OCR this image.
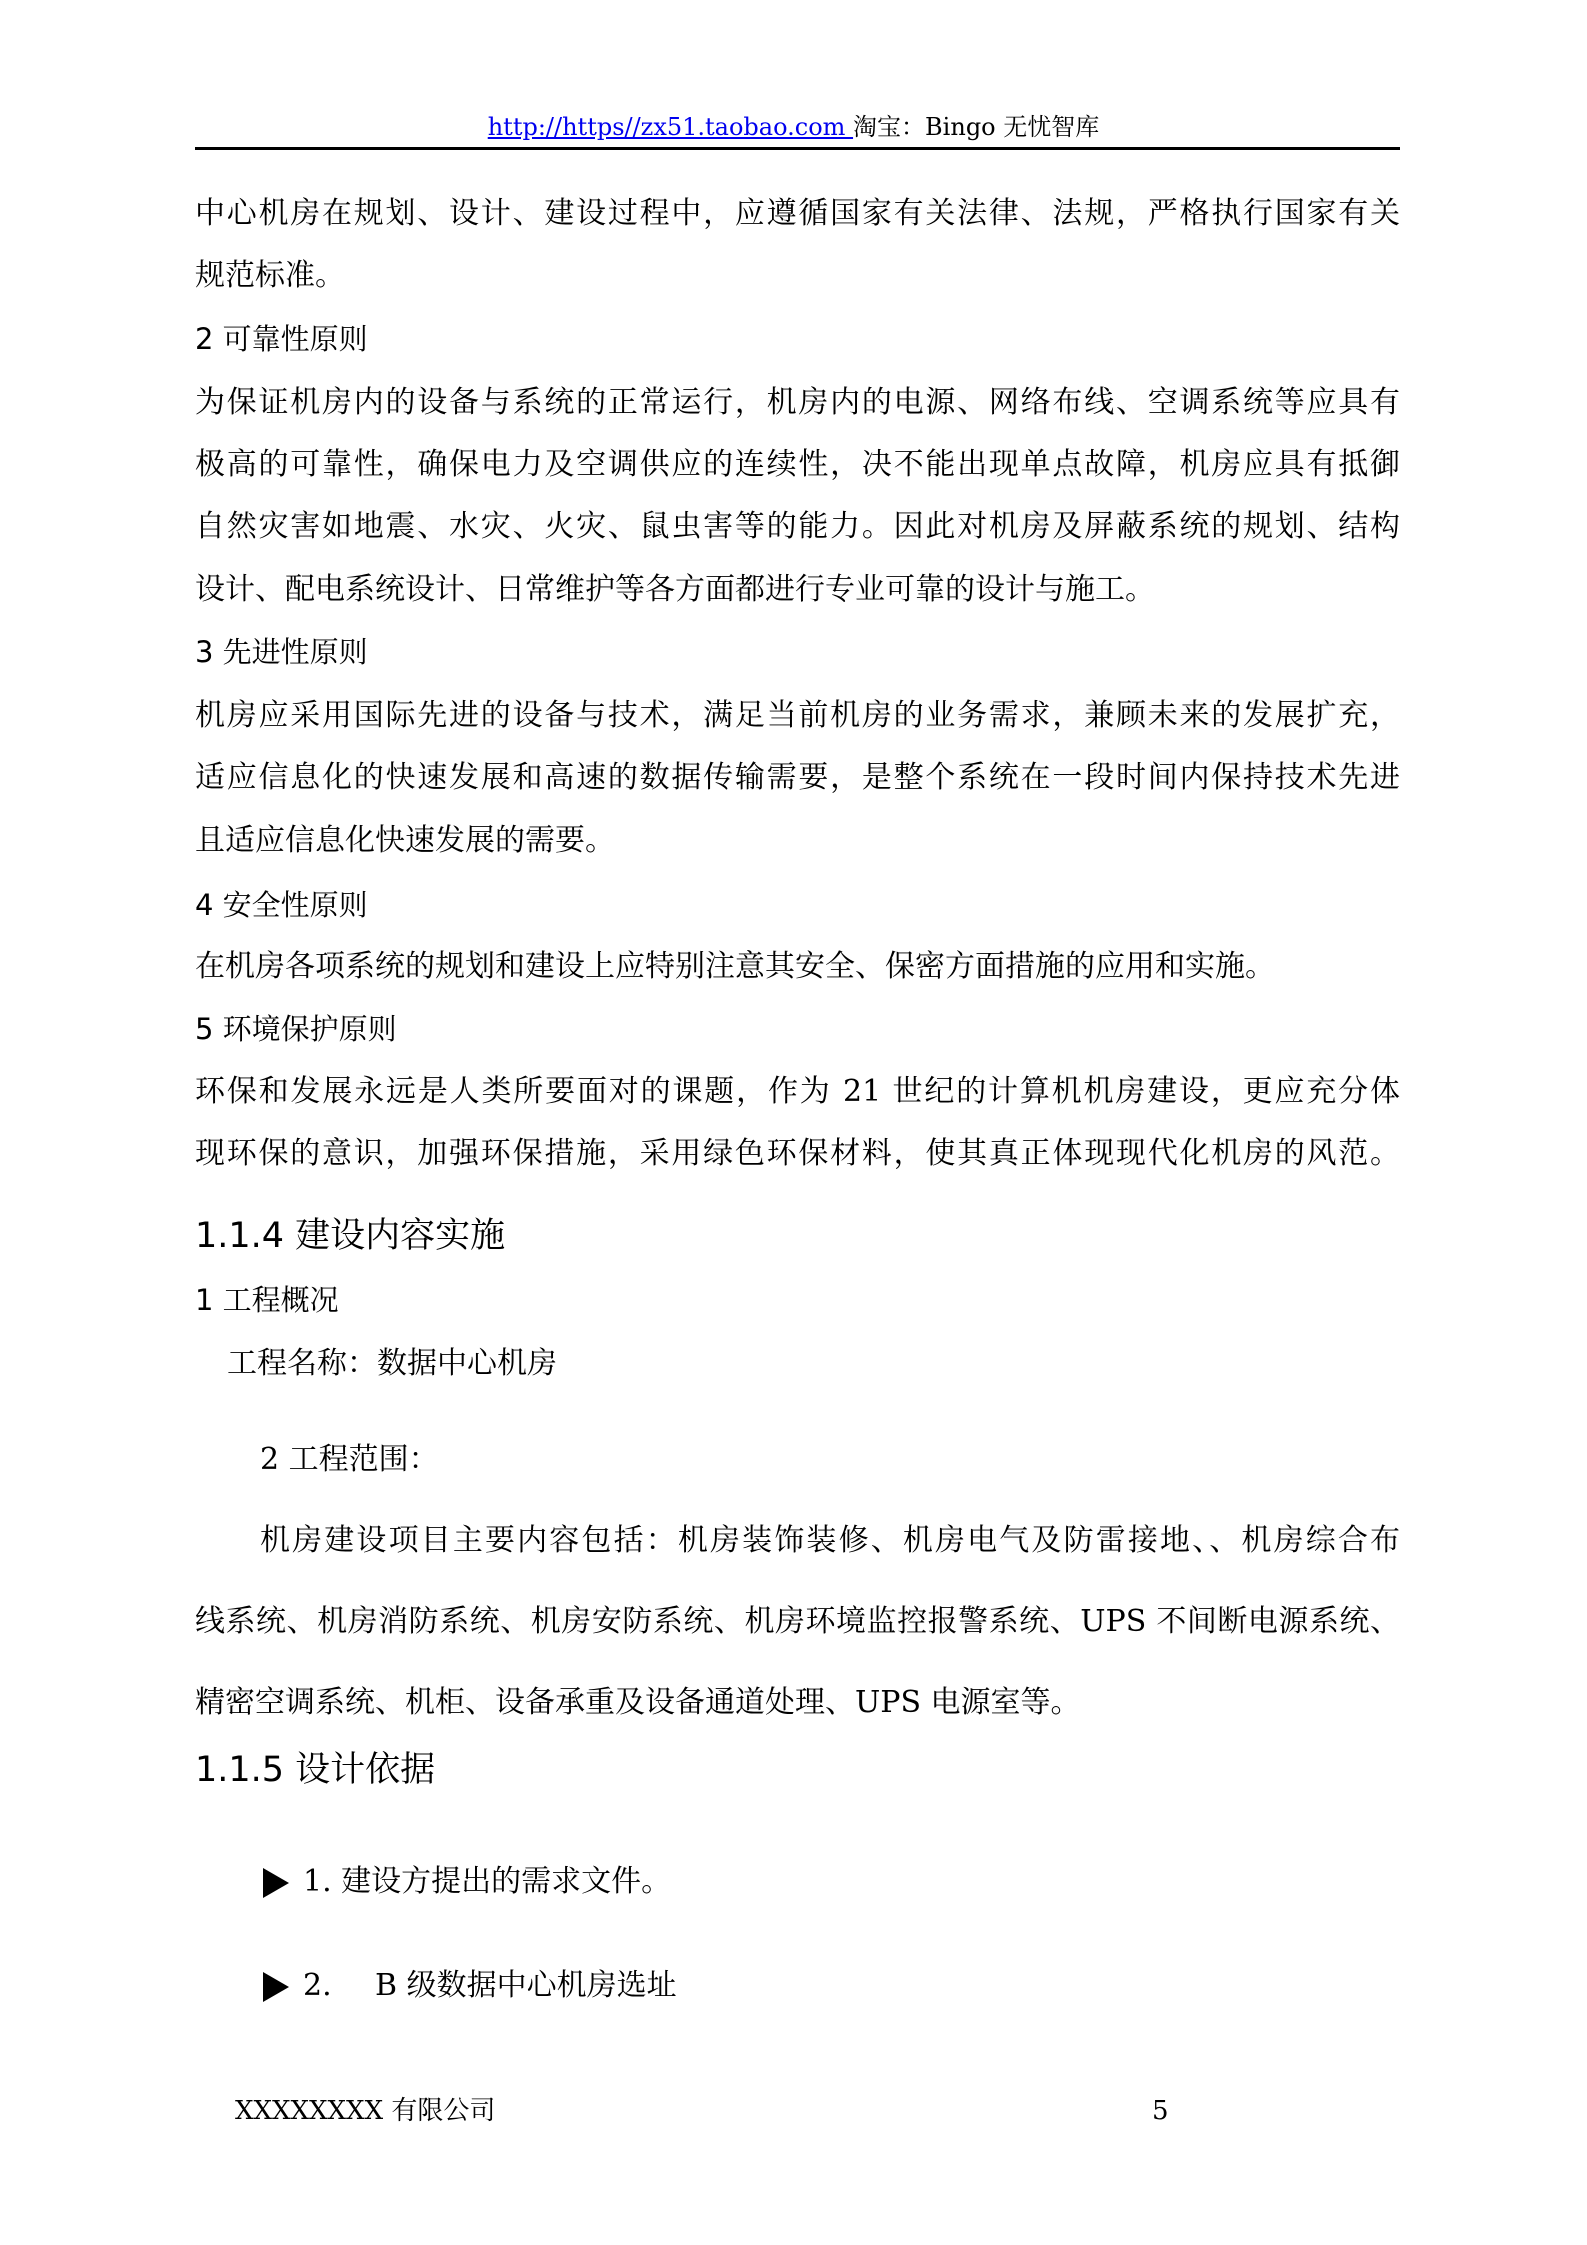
http://https//zx51.taobao.com 淘宝：Bingo 无忧智库
中心机房在规划、设计、建设过程中，应遵循国家有关法律、法规，严格执行国家有关
规范标准。
2 可靠性原则
为保证机房内的设备与系统的正常运行，机房内的电源、网络布线、空调系统等应具有
极高的可靠性，确保电力及空调供应的连续性，决不能出现单点故障，机房应具有抵御
自然灾害如地震、水灾、火灾、鼠虫害等的能力。因此对机房及屏蔽系统的规划、结构
设计、配电系统设计、日常维护等各方面都进行专业可靠的设计与施工。
3 先进性原则
机房应采用国际先进的设备与技术，满足当前机房的业务需求，兼顾未来的发展扩充，
适应信息化的快速发展和高速的数据传输需要，是整个系统在一段时间内保持技术先进
且适应信息化快速发展的需要。
4 安全性原则
在机房各项系统的规划和建设上应特别注意其安全、保密方面措施的应用和实施。
5 环境保护原则
环保和发展永远是人类所要面对的课题，作为 21 世纪的计算机机房建设，更应充分体
现环保的意识，加强环保措施，采用绿色环保材料，使其真正体现现代化机房的风范。
1.1.4 建设内容实施
1 工程概况
工程名称：数据中心机房
2 工程范围：
机房建设项目主要内容包括：机房装饰装修、机房电气及防雷接地、、机房综合布
线系统、机房消防系统、机房安防系统、机房环境监控报警系统、UPS 不间断电源系统、
精密空调系统、机柜、设备承重及设备通道处理、UPS 电源室等。
1.1.5 设计依据
1. 建设方提出的需求文件。
2. B 级数据中心机房选址
XXXXXXXX 有限公司	5
